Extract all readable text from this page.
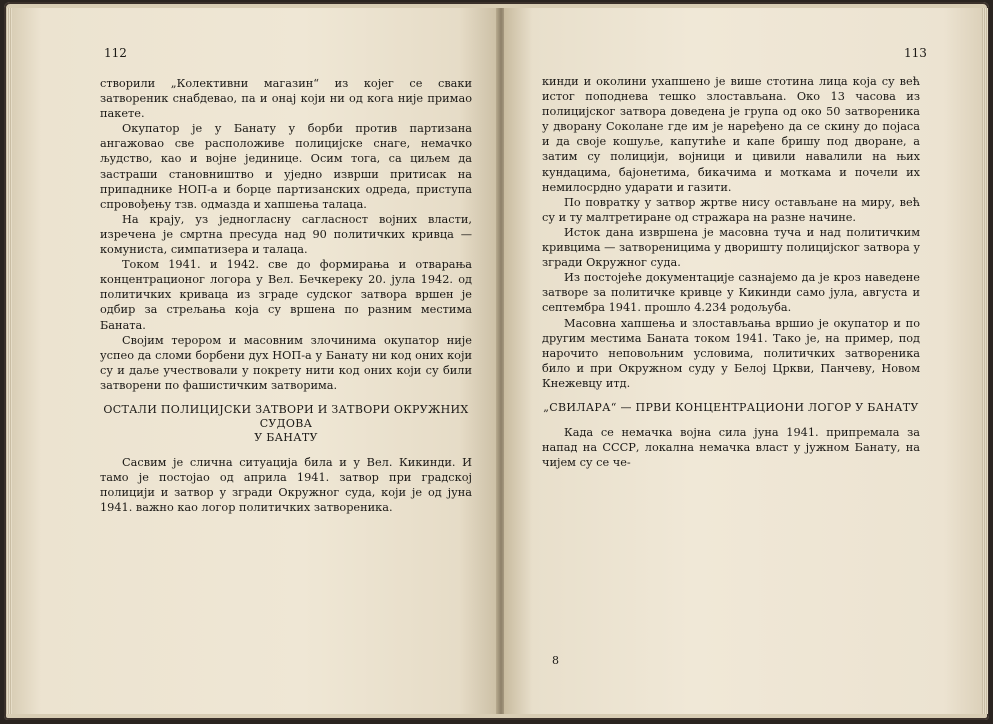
112

створили „Колективни магазин“ из којег се сваки затвореник снабдевао, па и онај који ни од кога није примао пакете.

Окупатор је у Банату у борби против партизана ангажовао све расположиве полицијске снаге, немачко људство, као и војне јединице. Осим тога, са циљем да застраши становништво и уједно изврши притисак на припаднике НОП-а и борце партизанских одреда, приступа спровођењу тзв. одмазда и хапшења талаца.

На крају, уз једногласну сагласност војних власти, изречена је смртна пресуда над 90 политичких кривца — комуниста, симпатизера и талаца.

Током 1941. и 1942. све до формирања и отварања концентрационог логора у Вел. Бечкереку 20. јула 1942. од политичких криваца из зграде судског затвора вршен је одбир за стрељања која су вршена по разним местима Баната.

Својим терором и масовним злочинима окупатор није успео да сломи борбени дух НОП-а у Банату ни код оних који су и даље учествовали у покрету нити код оних који су били затворени по фашистичким затворима.

ОСТАЛИ ПОЛИЦИЈСКИ ЗАТВОРИ И ЗАТВОРИ ОКРУЖНИХ СУДОВА
У БАНАТУ

Сасвим је слична ситуација била и у Вел. Кикинди. И тамо је постојао од априла 1941. затвор при градској полицији и затвор у згради Окружног суда, који је од јуна 1941. важно као логор политичких затвореника.

113

кинди и околини ухапшено је више стотина лица која су већ истог поподнева тешко злостављана. Око 13 часова из полицијског затвора доведена је група од око 50 затвореника у дворану Соколане где им је наређено да се скину до појаса и да своје кошуље, капутиће и капе бришу под дворане, а затим су полицији, војници и цивили навалили на њих кундацима, бајонетима, бикачима и моткама и почели их немилосрдно ударати и газити.

По повратку у затвор жртве нису остављане на миру, већ су и ту малтретиране од стражара на разне начине.

Исток дана извршена је масовна туча и над политичким кривцима — затвореницима у дворишту полицијског затвора у згради Окружног суда.

Из постојеће документације сазнајемо да је кроз наведене затворе за политичке кривце у Кикинди само јула, августа и септембра 1941. прошло 4.234 родољуба.

Масовна хапшења и злостављања вршио је окупатор и по другим местима Баната током 1941. Тако је, на пример, под нарочито неповољним условима, политичких затвореника било и при Окружном суду у Белој Цркви, Панчеву, Новом Кнежевцу итд.

„СВИЛАРА“ — ПРВИ КОНЦЕНТРАЦИОНИ ЛОГОР У БАНАТУ

Када се немачка војна сила јуна 1941. припремала за напад на СССР, локална немачка власт у јужном Банату, на чијем су се че-

8
